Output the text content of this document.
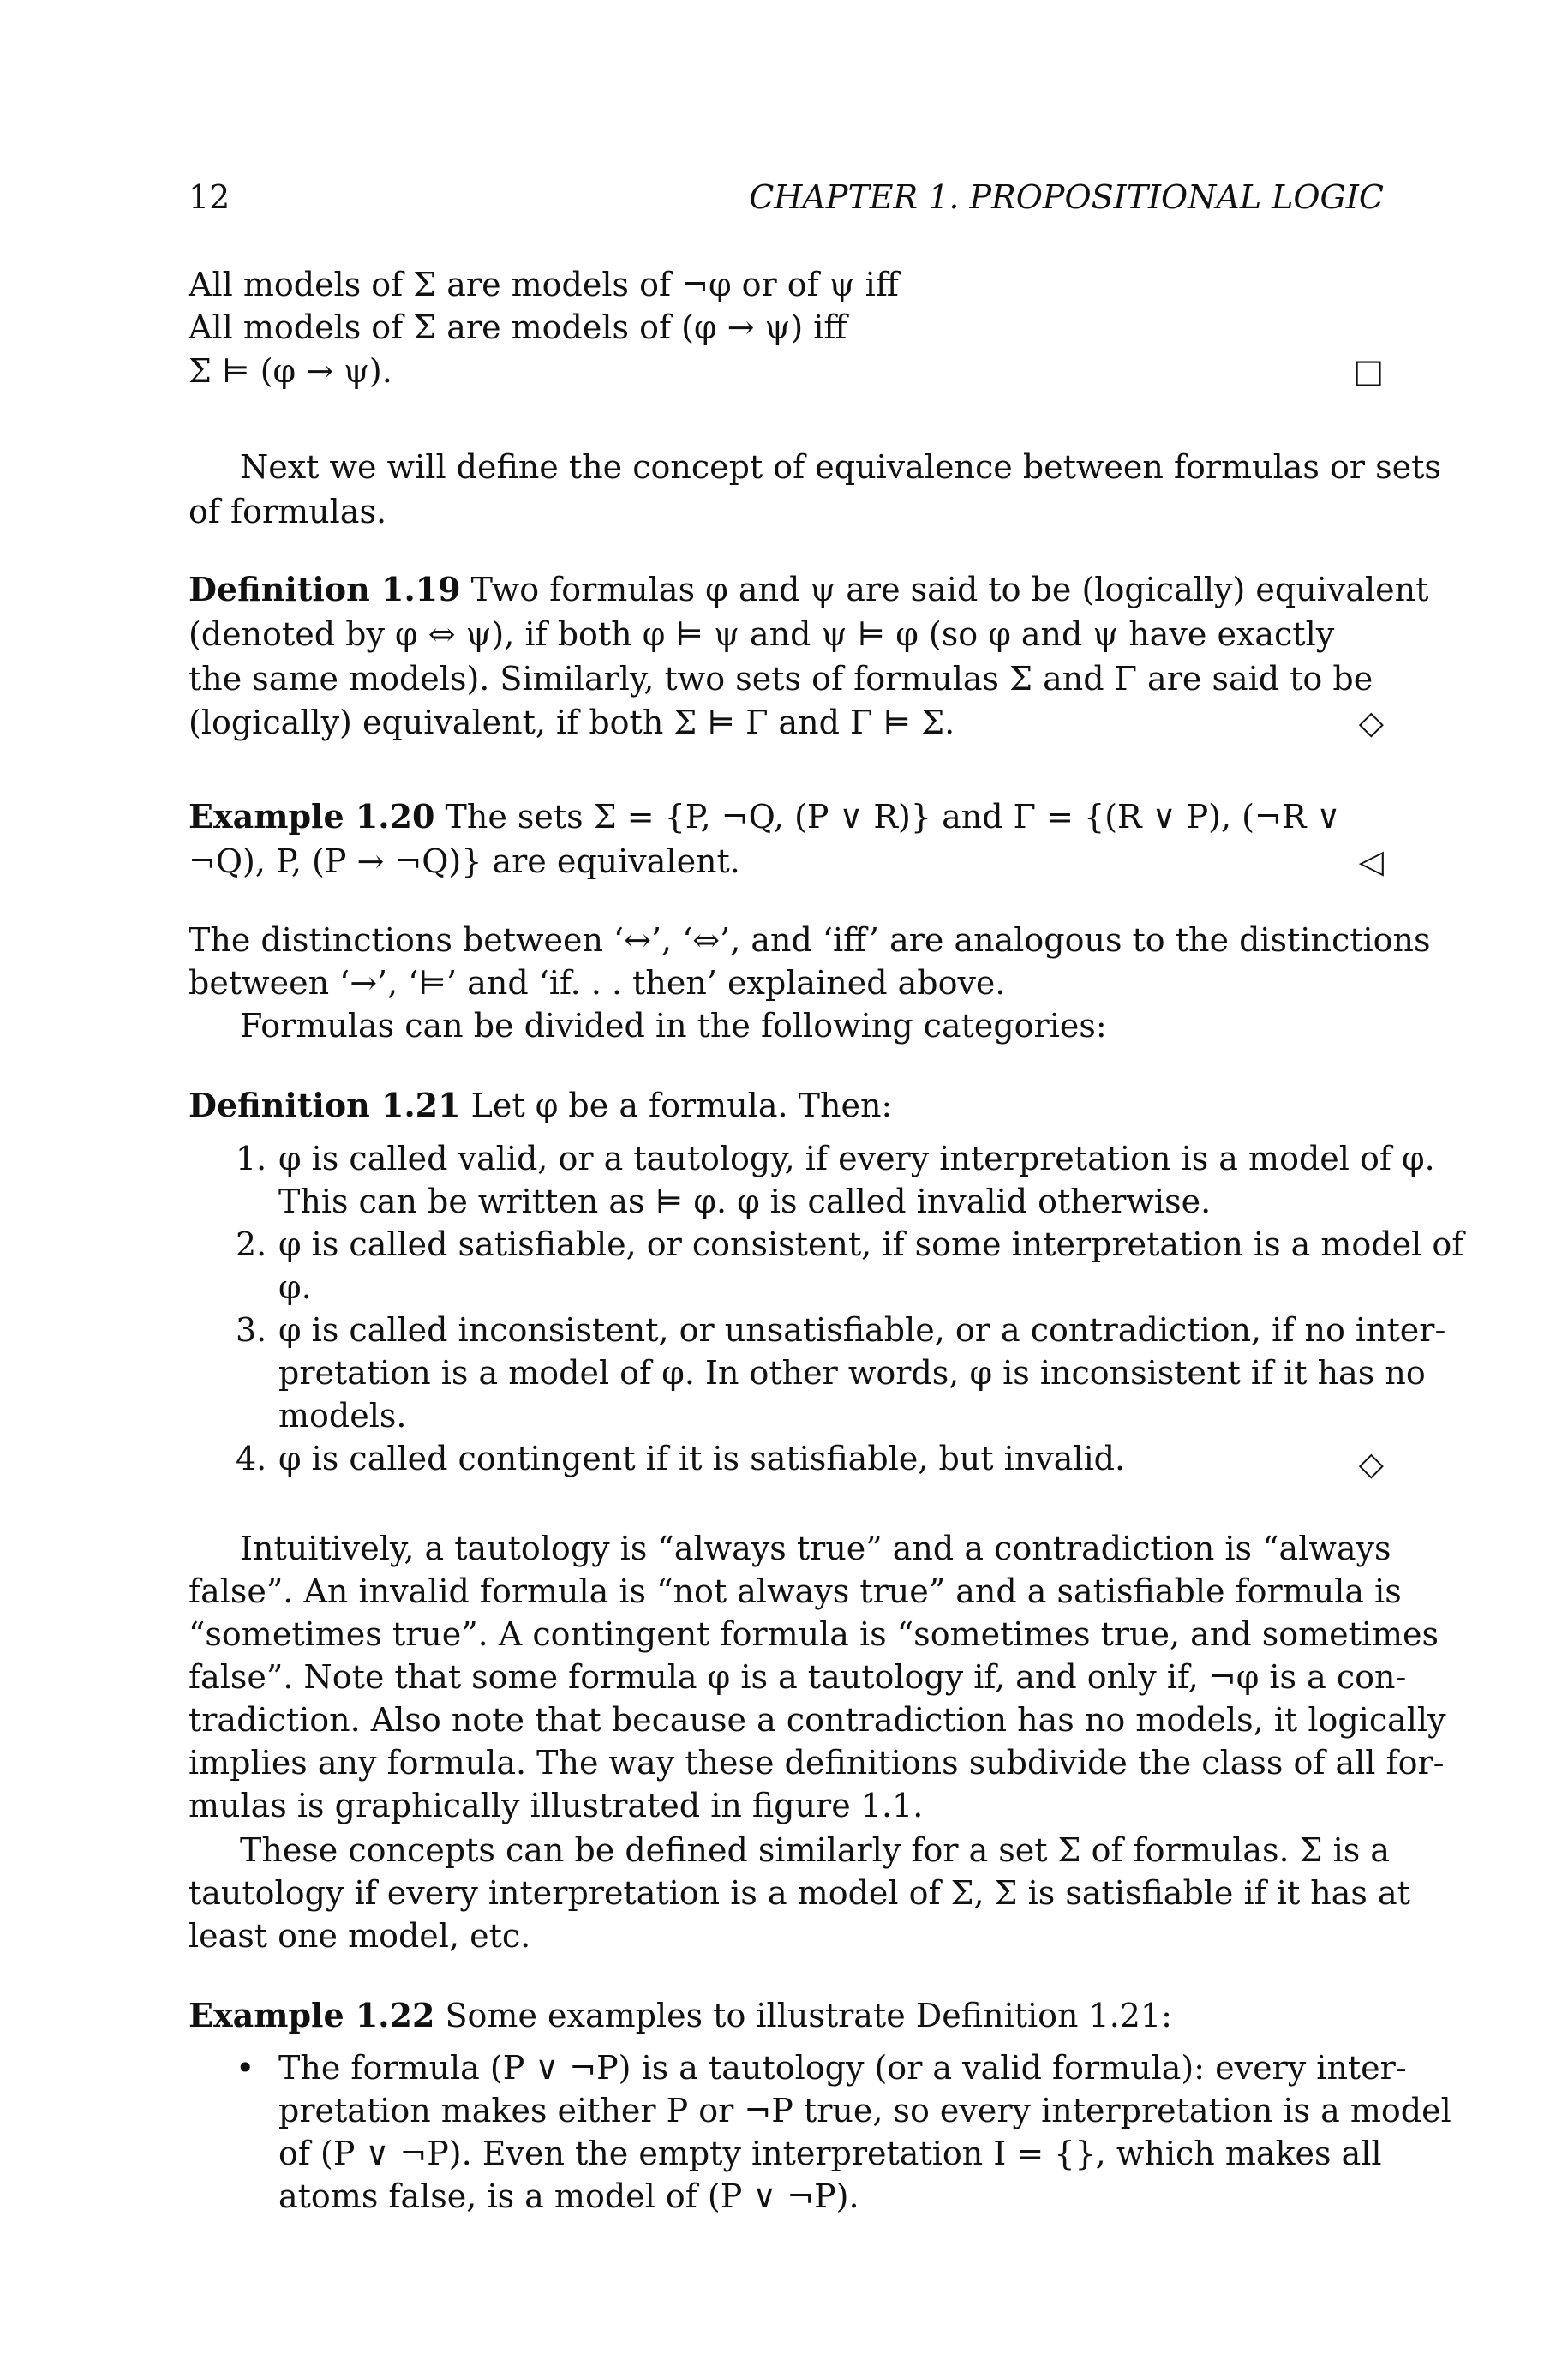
12	CHAPTER 1. PROPOSITIONAL LOGIC

All models of Σ are models of ¬φ or of ψ iff

All models of Σ are models of (φ → ψ) iff

Σ ⊨ (φ → ψ).	□

Next we will define the concept of equivalence between formulas or sets

of formulas.

Definition 1.19 Two formulas φ and ψ are said to be (logically) equivalent

(denoted by φ ⇔ ψ), if both φ ⊨ ψ and ψ ⊨ φ (so φ and ψ have exactly

the same models). Similarly, two sets of formulas Σ and Γ are said to be

(logically) equivalent, if both Σ ⊨ Γ and Γ ⊨ Σ.	◇
Example 1.20 The sets Σ = {P, ¬Q, (P ∨ R)} and Γ = {(R ∨ P), (¬R ∨
¬Q), P, (P → ¬Q)} are equivalent.	◁

The distinctions between ‘↔’, ‘⇔’, and ‘iff’ are analogous to the distinctions

between ‘→’, ‘⊨’ and ‘if. . . then’ explained above.

Formulas can be divided in the following categories:

Definition 1.21 Let φ be a formula. Then:
1. φ is called valid, or a tautology, if every interpretation is a model of φ.
This can be written as ⊨ φ. φ is called invalid otherwise.
2. φ is called satisfiable, or consistent, if some interpretation is a model of
φ.
3. φ is called inconsistent, or unsatisfiable, or a contradiction, if no inter-
pretation is a model of φ. In other words, φ is inconsistent if it has no
models.
4. φ is called contingent if it is satisfiable, but invalid.	◇

Intuitively, a tautology is “always true” and a contradiction is “always

false”. An invalid formula is “not always true” and a satisfiable formula is

“sometimes true”. A contingent formula is “sometimes true, and sometimes

false”. Note that some formula φ is a tautology if, and only if, ¬φ is a con-

tradiction. Also note that because a contradiction has no models, it logically

implies any formula. The way these definitions subdivide the class of all for-

mulas is graphically illustrated in figure 1.1.

These concepts can be defined similarly for a set Σ of formulas. Σ is a

tautology if every interpretation is a model of Σ, Σ is satisfiable if it has at

least one model, etc.

Example 1.22 Some examples to illustrate Definition 1.21:
• The formula (P ∨ ¬P) is a tautology (or a valid formula): every inter-
pretation makes either P or ¬P true, so every interpretation is a model
of (P ∨ ¬P). Even the empty interpretation I = {}, which makes all
atoms false, is a model of (P ∨ ¬P).
